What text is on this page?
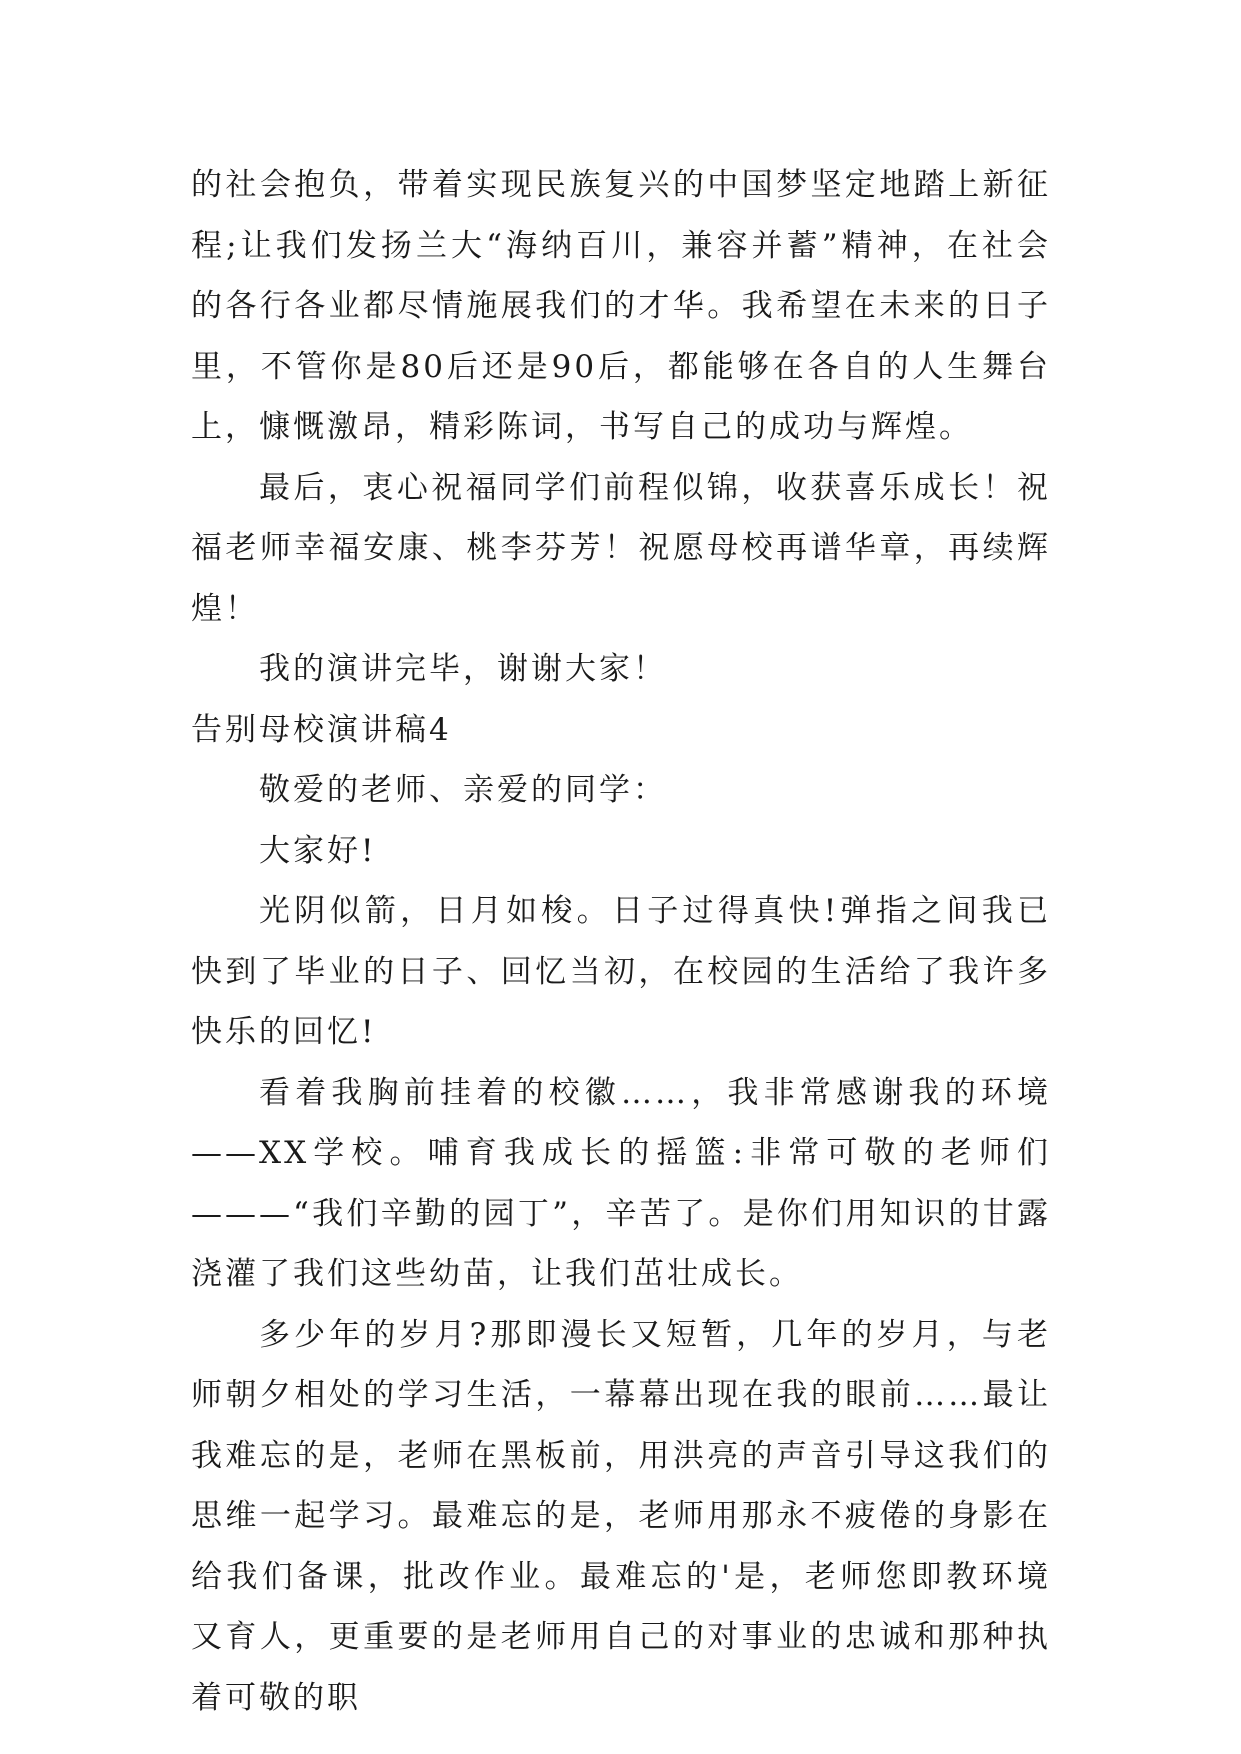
的社会抱负，带着实现民族复兴的中国梦坚定地踏上新征程;让我们发扬兰大“海纳百川，兼容并蓄”精神，在社会的各行各业都尽情施展我们的才华。我希望在未来的日子里，不管你是80后还是90后，都能够在各自的人生舞台上，慷慨激昂，精彩陈词，书写自己的成功与辉煌。

最后，衷心祝福同学们前程似锦，收获喜乐成长！祝福老师幸福安康、桃李芬芳！祝愿母校再谱华章，再续辉煌！

我的演讲完毕，谢谢大家！

告别母校演讲稿4

敬爱的老师、亲爱的同学：

大家好!

光阴似箭，日月如梭。日子过得真快!弹指之间我已快到了毕业的日子、回忆当初，在校园的生活给了我许多快乐的回忆!

看着我胸前挂着的校徽……，我非常感谢我的环境——XX学校。哺育我成长的摇篮:非常可敬的老师们———“我们辛勤的园丁”，辛苦了。是你们用知识的甘露浇灌了我们这些幼苗，让我们茁壮成长。

多少年的岁月?那即漫长又短暂，几年的岁月，与老师朝夕相处的学习生活，一幕幕出现在我的眼前……最让我难忘的是，老师在黑板前，用洪亮的声音引导这我们的思维一起学习。最难忘的是，老师用那永不疲倦的身影在给我们备课，批改作业。最难忘的'是，老师您即教环境又育人，更重要的是老师用自己的对事业的忠诚和那种执着可敬的职
